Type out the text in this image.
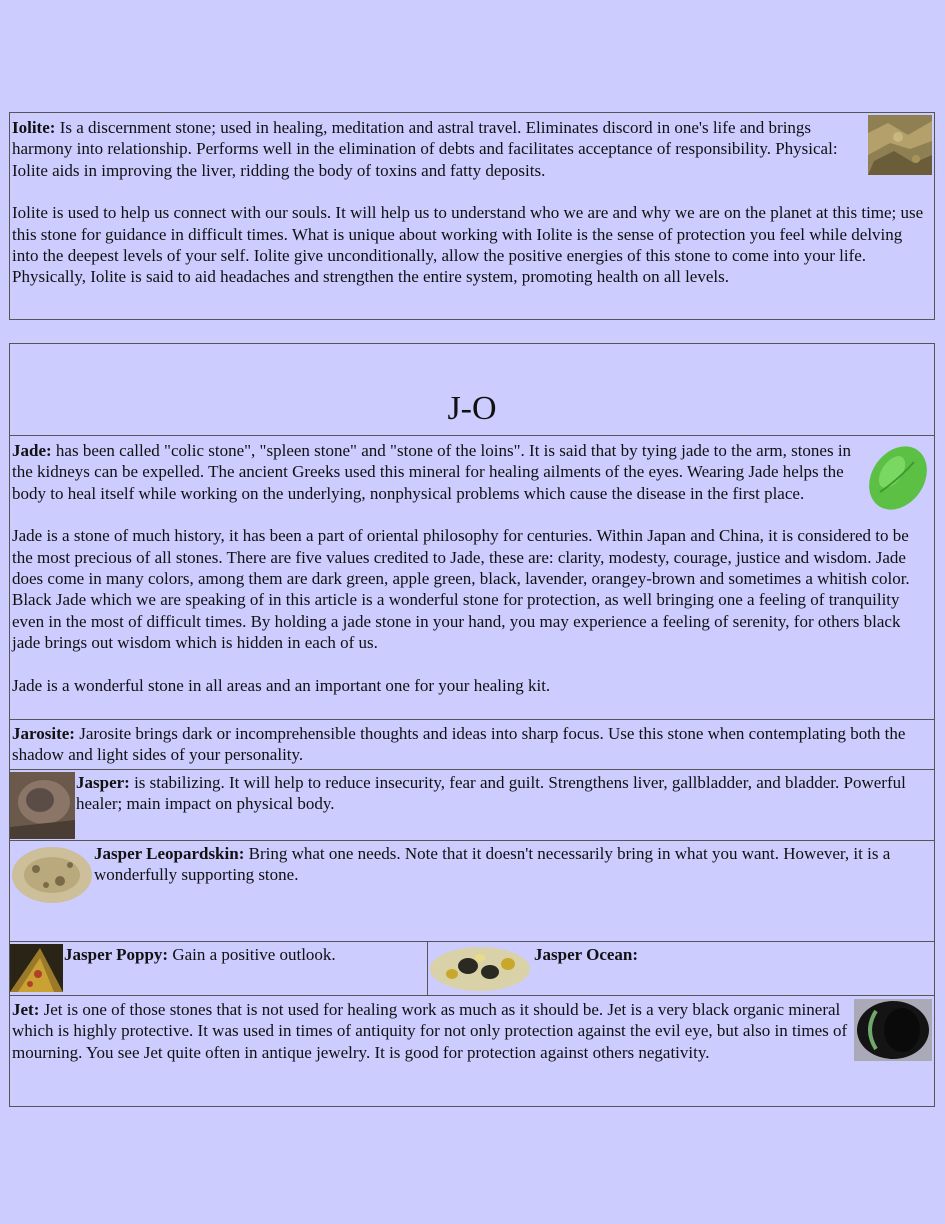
Iolite: Is a discernment stone; used in healing, meditation and astral travel. Eliminates discord in one's life and brings harmony into relationship. Performs well in the elimination of debts and facilitates acceptance of responsibility. Physical: Iolite aids in improving the liver, ridding the body of toxins and fatty deposits.

Iolite is used to help us connect with our souls. It will help us to understand who we are and why we are on the planet at this time; use this stone for guidance in difficult times. What is unique about working with Iolite is the sense of protection you feel while delving into the deepest levels of your self. Iolite give unconditionally, allow the positive energies of this stone to come into your life. Physically, Iolite is said to aid headaches and strengthen the entire system, promoting health on all levels.

J-O

Jade: has been called "colic stone", "spleen stone" and "stone of the loins". It is said that by tying jade to the arm, stones in the kidneys can be expelled. The ancient Greeks used this mineral for healing ailments of the eyes. Wearing Jade helps the body to heal itself while working on the underlying, nonphysical problems which cause the disease in the first place.

Jade is a stone of much history, it has been a part of oriental philosophy for centuries. Within Japan and China, it is considered to be the most precious of all stones. There are five values credited to Jade, these are: clarity, modesty, courage, justice and wisdom. Jade does come in many colors, among them are dark green, apple green, black, lavender, orangey-brown and sometimes a whitish color. Black Jade which we are speaking of in this article is a wonderful stone for protection, as well bringing one a feeling of tranquility even in the most of difficult times. By holding a jade stone in your hand, you may experience a feeling of serenity, for others black jade brings out wisdom which is hidden in each of us.

Jade is a wonderful stone in all areas and an important one for your healing kit.

Jarosite: Jarosite brings dark or incomprehensible thoughts and ideas into sharp focus. Use this stone when contemplating both the shadow and light sides of your personality.

Jasper: is stabilizing. It will help to reduce insecurity, fear and guilt. Strengthens liver, gallbladder, and bladder. Powerful healer; main impact on physical body.

Jasper Leopardskin: Bring what one needs. Note that it doesn't necessarily bring in what you want. However, it is a wonderfully supporting stone.

Jasper Poppy: Gain a positive outlook.	Jasper Ocean:

Jet: Jet is one of those stones that is not used for healing work as much as it should be. Jet is a very black organic mineral which is highly protective. It was used in times of antiquity for not only protection against the evil eye, but also in times of mourning. You see Jet quite often in antique jewelry. It is good for protection against others negativity.
